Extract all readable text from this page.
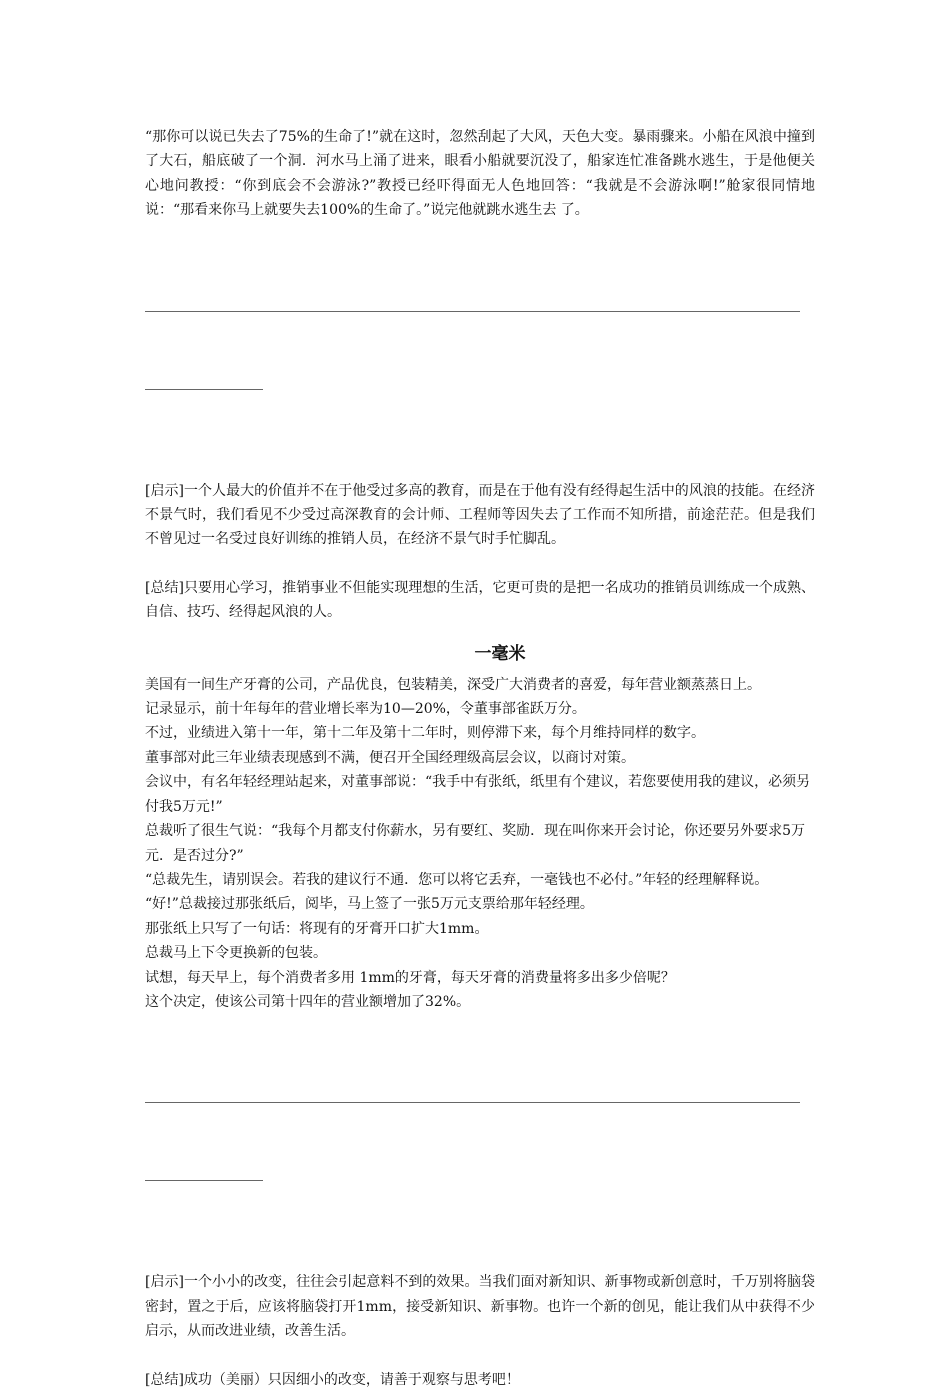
“那你可以说已失去了75%的生命了!”就在这时，忽然刮起了大风，天色大变。暴雨骤来。小船在风浪中撞到了大石，船底破了一个洞．河水马上涌了进来，眼看小船就要沉没了，船家连忙准备跳水逃生，于是他便关心地问教授：“你到底会不会游泳?”教授已经吓得面无人色地回答：“我就是不会游泳啊!”舱家很同情地说：“那看来你马上就要失去100%的生命了。”说完他就跳水逃生去 了。

[启示]一个人最大的价值并不在于他受过多高的教育，而是在于他有没有经得起生活中的风浪的技能。在经济不景气时，我们看见不少受过高深教育的会计师、工程师等因失去了工作而不知所措，前途茫茫。但是我们不曾见过一名受过良好训练的推销人员，在经济不景气时手忙脚乱。

[总结]只要用心学习，推销事业不但能实现理想的生活，它更可贵的是把一名成功的推销员训练成一个成熟、自信、技巧、经得起风浪的人。

一毫米

美国有一间生产牙膏的公司，产品优良，包装精美，深受广大消费者的喜爱，每年营业额蒸蒸日上。

记录显示，前十年每年的营业增长率为10—20%，令董事部雀跃万分。

不过，业绩进入第十一年，第十二年及第十二年时，则停滞下来，每个月维持同样的数字。

董事部对此三年业绩表现感到不满，便召开全国经理级高层会议，以商讨对策。

会议中，有名年轻经理站起来，对董事部说：“我手中有张纸，纸里有个建议，若您要使用我的建议，必须另付我5万元!”

总裁听了很生气说：“我每个月都支付你薪水，另有要红、奖励．现在叫你来开会讨论，你还要另外要求5万元．是否过分?”

“总裁先生，请别误会。若我的建议行不通．您可以将它丢弃，一毫钱也不必付。”年轻的经理解释说。

“好!”总裁接过那张纸后，阅毕，马上签了一张5万元支票给那年轻经理。

那张纸上只写了一句话：将现有的牙膏开口扩大1mm。

总裁马上下令更换新的包装。

试想，每天早上，每个消费者多用 1mm的牙膏，每天牙膏的消费量将多出多少倍呢？

这个决定，使该公司第十四年的营业额增加了32%。

[启示]一个小小的改变，往往会引起意料不到的效果。当我们面对新知识、新事物或新创意时，千万别将脑袋密封，置之于后，应该将脑袋打开1mm，接受新知识、新事物。也许一个新的创见，能让我们从中获得不少启示，从而改进业绩，改善生活。

[总结]成功（美丽）只因细小的改变，请善于观察与思考吧！
